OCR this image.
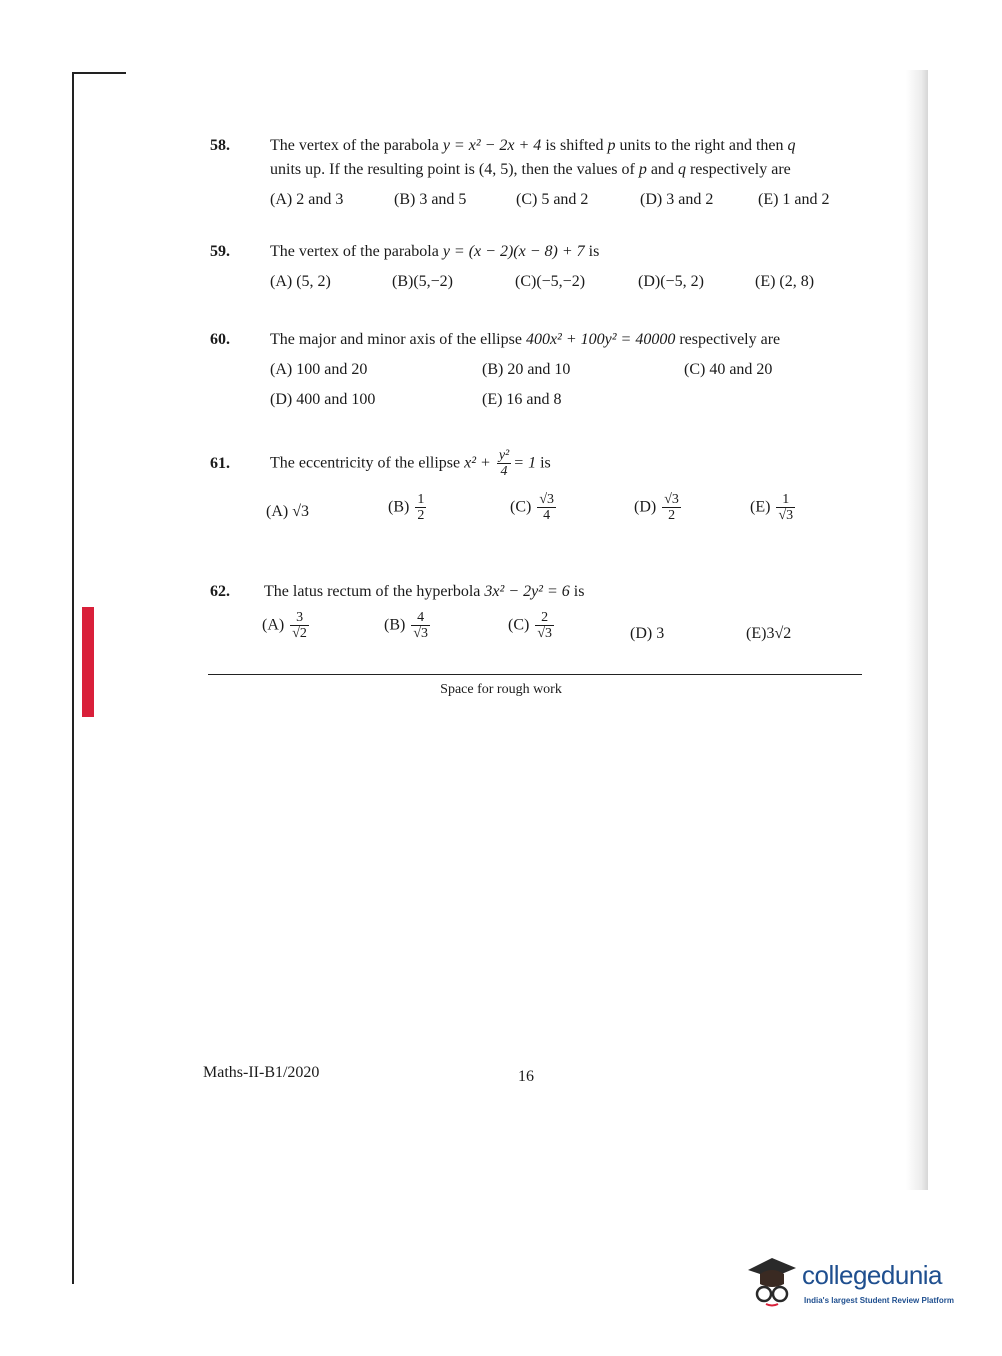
58.	The vertex of the parabola y = x² − 2x + 4 is shifted p units to the right and then q
units up. If the resulting point is (4, 5), then the values of p and q respectively are
(A) 2 and 3	(B) 3 and 5	(C) 5 and 2	(D) 3 and 2	(E) 1 and 2
59.	The vertex of the parabola y = (x − 2)(x − 8) + 7 is
(A) (5, 2)	(B)(5,−2)	(C)(−5,−2)	(D)(−5, 2)	(E) (2, 8)
60.	The major and minor axis of the ellipse 400x² + 100y² = 40000 respectively are
(A) 100 and 20	(B) 20 and 10	(C) 40 and 20
(D) 400 and 100	(E) 16 and 8
61.	The eccentricity of the ellipse $x^2 + \frac{\text{y²}}{4} = 1$ is
(A) √3	$(B) \frac{1}{2}$	$(C) \frac{√3}{4}$	$(D) \frac{√3}{2}$	$(E) \frac{1}{√3}$
62. The latus rectum of the hyperbola 3x² − 2y² = 6 is
$(A) \frac{3}{√2}$	$(B) \frac{4}{√3}$	$(C) \frac{2}{√3}$	(D) 3	(E)3√2
Space for rough work
Maths-II-B1/2020	16
collegedunia
India's largest Student Review Platform
